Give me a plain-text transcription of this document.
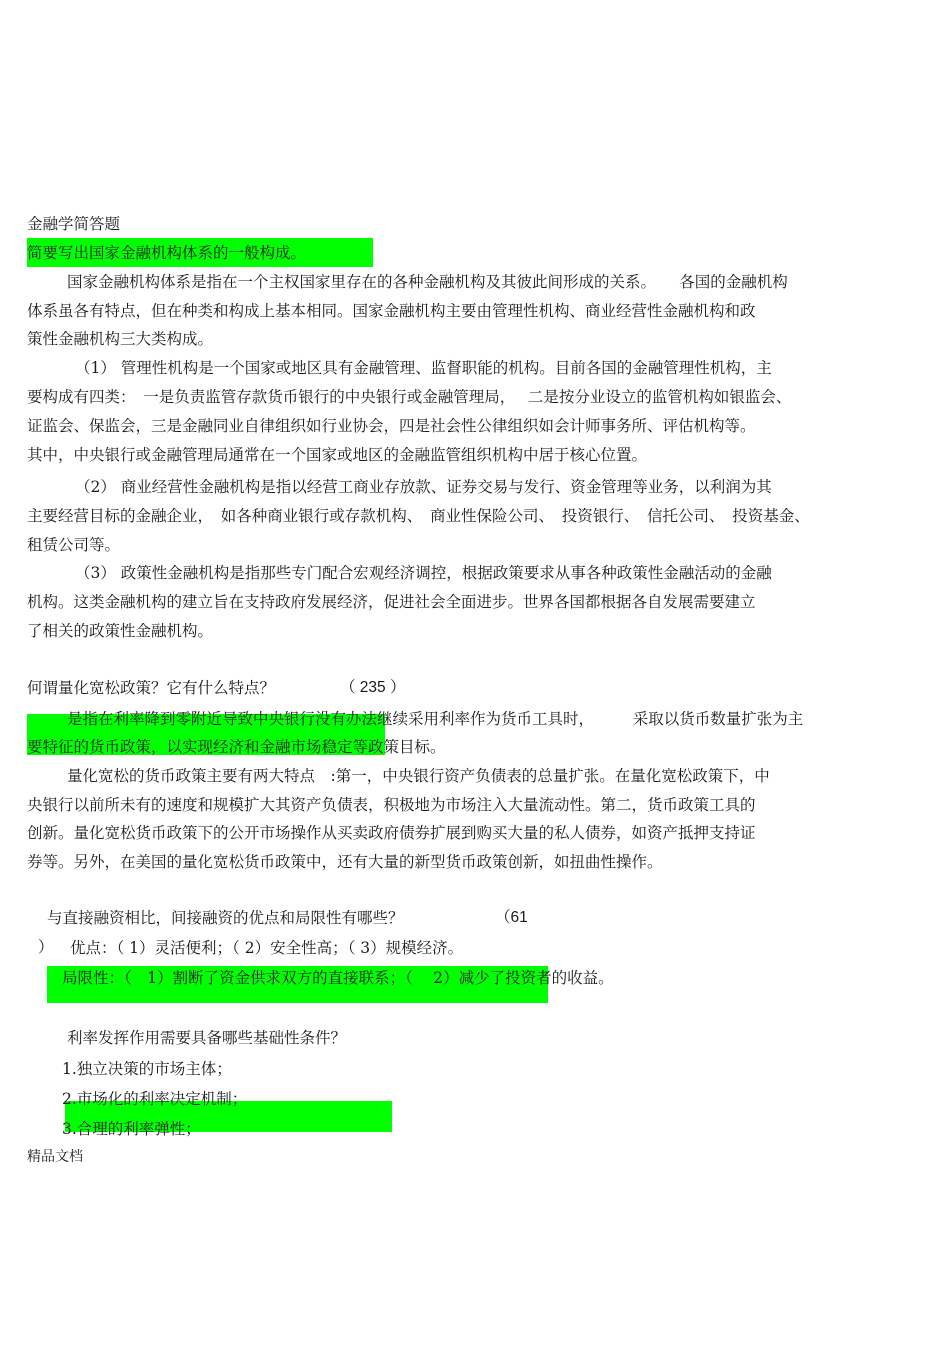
金融学简答题
简要写出国家金融机构体系的一般构成。
国家金融机构体系是指在一个主权国家里存在的各种金融机构及其彼此间形成的关系。　　各国的金融机构
体系虽各有特点，但在种类和构成上基本相同。国家金融机构主要由管理性机构、商业经营性金融机构和政
策性金融机构三大类构成。
（1） 管理性机构是一个国家或地区具有金融管理、监督职能的机构。目前各国的金融管理性机构，主
要构成有四类：　一是负责监管存款货币银行的中央银行或金融管理局，　 二是按分业设立的监管机构如银监会、
证监会、保监会，三是金融同业自律组织如行业协会，四是社会性公律组织如会计师事务所、评估机构等。
其中，中央银行或金融管理局通常在一个国家或地区的金融监管组织机构中居于核心位置。
（2） 商业经营性金融机构是指以经营工商业存放款、证券交易与发行、资金管理等业务，以利润为其
主要经营目标的金融企业，　如各种商业银行或存款机构、　商业性保险公司、　投资银行、　信托公司、　投资基金、
租赁公司等。
（3） 政策性金融机构是指那些专门配合宏观经济调控，根据政策要求从事各种政策性金融活动的金融
机构。这类金融机构的建立旨在支持政府发展经济，促进社会全面进步。世界各国都根据各自发展需要建立
了相关的政策性金融机构。
何谓量化宽松政策？它有什么特点？	（ 235 ）
是指在利率降到零附近导致中央银行没有办法继续采用利率作为货币工具时，　　　采取以货币数量扩张为主
要特征的货币政策，以实现经济和金融市场稳定等政策目标。
量化宽松的货币政策主要有两大特点　:第一，中央银行资产负债表的总量扩张。在量化宽松政策下，中
央银行以前所未有的速度和规模扩大其资产负债表，积极地为市场注入大量流动性。第二，货币政策工具的
创新。量化宽松货币政策下的公开市场操作从买卖政府债券扩展到购买大量的私人债券，如资产抵押支持证
券等。另外，在美国的量化宽松货币政策中，还有大量的新型货币政策创新，如扭曲性操作。
与直接融资相比，间接融资的优点和局限性有哪些？	（61
） 优点：（ 1）灵活便利；（ 2）安全性高；（ 3）规模经济。
局限性：（　1）割断了资金供求双方的直接联系；（　 2）减少了投资者的收益。
利率发挥作用需要具备哪些基础性条件？
1.独立决策的市场主体；
2.市场化的利率决定机制；
3.合理的利率弹性；
精品文档
